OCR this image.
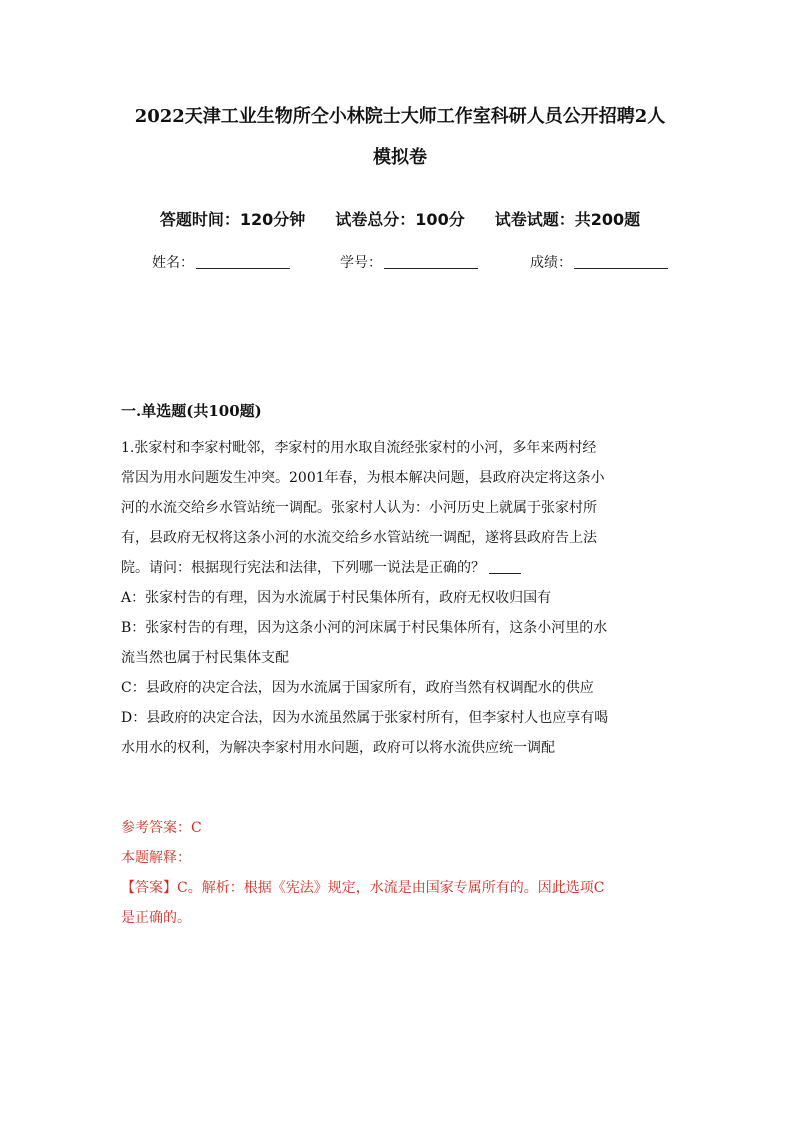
2022天津工业生物所仝小林院士大师工作室科研人员公开招聘2人
模拟卷
答题时间：120分钟 试卷总分：100分 试卷试题：共200题
姓名：	学号：	成绩：
一.单选题(共100题)
1.张家村和李家村毗邻，李家村的用水取自流经张家村的小河，多年来两村经
常因为用水问题发生冲突。2001年春，为根本解决问题，县政府决定将这条小
河的水流交给乡水管站统一调配。张家村人认为：小河历史上就属于张家村所
有，县政府无权将这条小河的水流交给乡水管站统一调配，遂将县政府告上法
院。请问：根据现行宪法和法律，下列哪一说法是正确的？
A：张家村告的有理，因为水流属于村民集体所有，政府无权收归国有
B：张家村告的有理，因为这条小河的河床属于村民集体所有，这条小河里的水
流当然也属于村民集体支配
C：县政府的决定合法，因为水流属于国家所有，政府当然有权调配水的供应
D：县政府的决定合法，因为水流虽然属于张家村所有，但李家村人也应享有喝
水用水的权利，为解决李家村用水问题，政府可以将水流供应统一调配
参考答案：C
本题解释：
【答案】C。解析：根据《宪法》规定，水流是由国家专属所有的。因此选项C
是正确的。
